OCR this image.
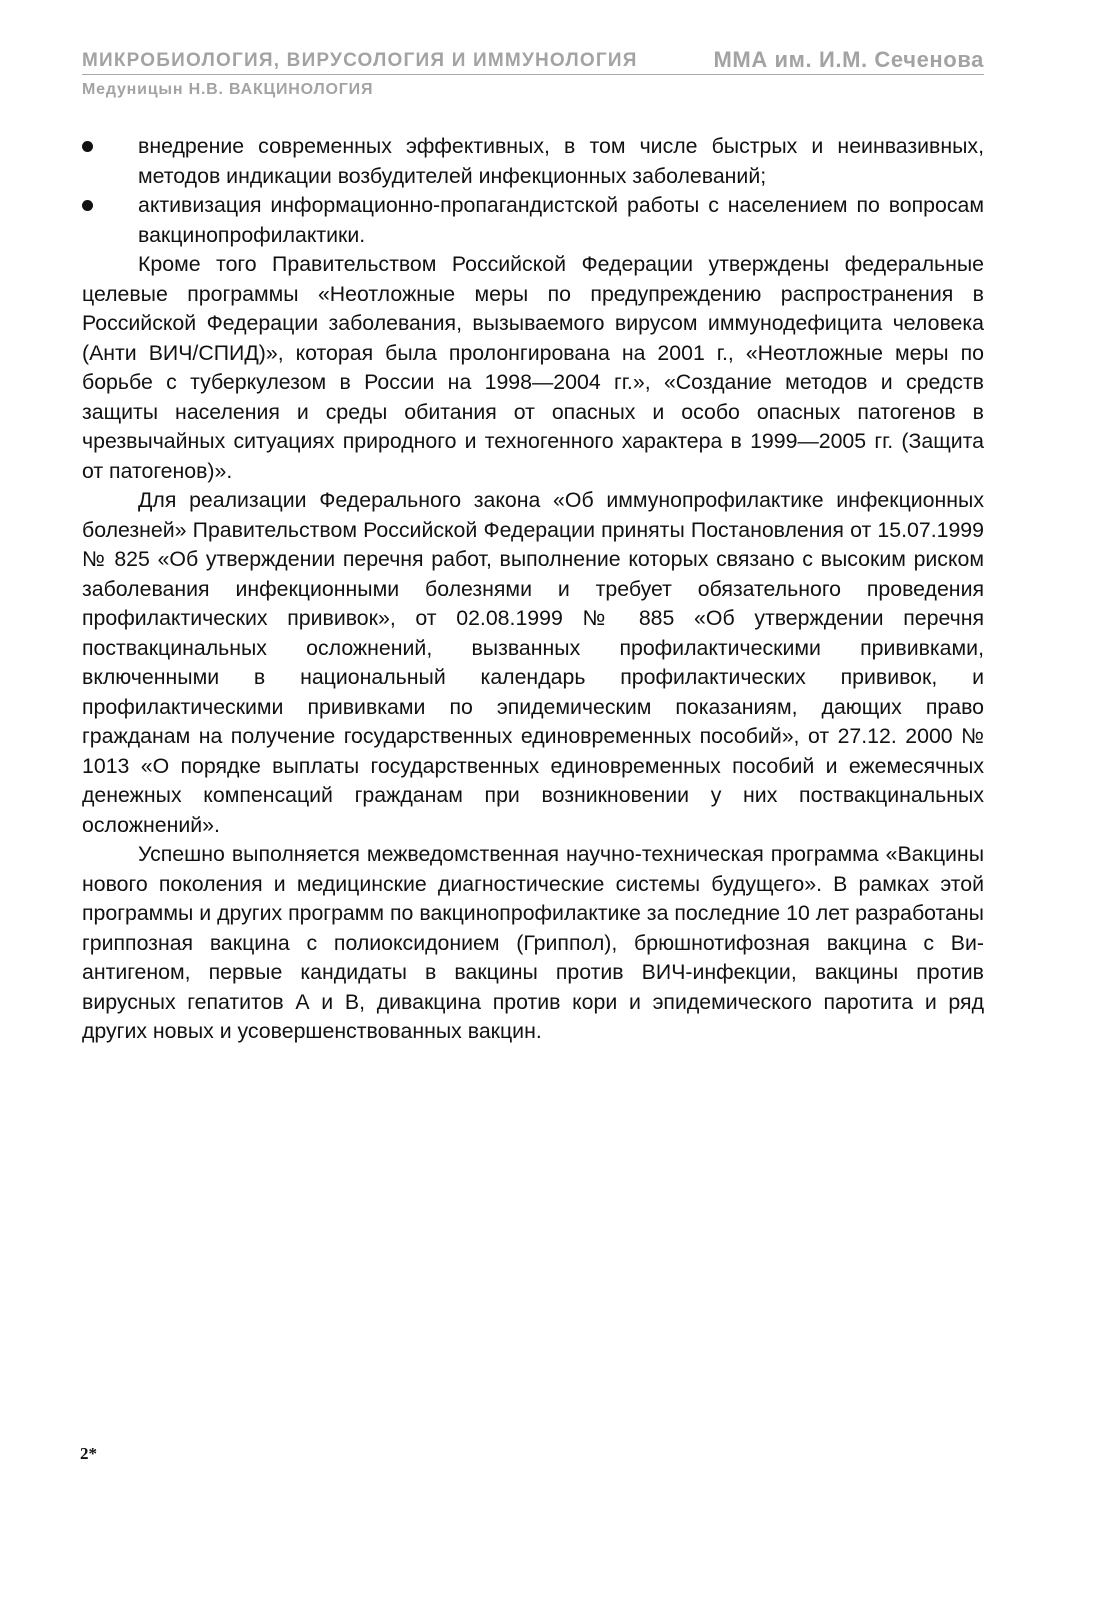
МИКРОБИОЛОГИЯ, ВИРУСОЛОГИЯ И ИММУНОЛОГИЯ	ММА им. И.М. Сеченова
Медуницын Н.В. ВАКЦИНОЛОГИЯ
внедрение современных эффективных, в том числе быстрых и неинвазивных, методов индикации возбудителей инфекционных заболеваний;
активизация информационно-пропагандистской работы с населением по вопросам вакцинопрофилактики.

Кроме того Правительством Российской Федерации утверждены федеральные целевые программы «Неотложные меры по предупреждению распространения в Российской Федерации заболевания, вызываемого вирусом иммунодефицита человека (Анти ВИЧ/СПИД)», которая была пролонгирована на 2001 г., «Неотложные меры по борьбе с туберкулезом в России на 1998—2004 гг.», «Создание методов и средств защиты населения и среды обитания от опасных и особо опасных патогенов в чрезвычайных ситуациях природного и техногенного характера в 1999—2005 гг. (Защита от патогенов)».

Для реализации Федерального закона «Об иммунопрофилактике инфекционных болезней» Правительством Российской Федерации приняты Постановления от 15.07.1999 № 825 «Об утверждении перечня работ, выполнение которых связано с высоким риском заболевания инфекционными болезнями и требует обязательного проведения профилактических прививок», от 02.08.1999 № 885 «Об утверждении перечня поствакцинальных осложнений, вызванных профилактическими прививками, включенными в национальный календарь профилактических прививок, и профилактическими прививками по эпидемическим показаниям, дающих право гражданам на получение государственных единовременных пособий», от 27.12. 2000 № 1013 «О порядке выплаты государственных единовременных пособий и ежемесячных денежных компенсаций гражданам при возникновении у них поствакцинальных осложнений».

Успешно выполняется межведомственная научно-техническая программа «Вакцины нового поколения и медицинские диагностические системы будущего». В рамках этой программы и других программ по вакцинопрофилактике за последние 10 лет разработаны гриппозная вакцина с полиоксидонием (Гриппол), брюшнотифозная вакцина с Ви-антигеном, первые кандидаты в вакцины против ВИЧ-инфекции, вакцины против вирусных гепатитов А и В, дивакцина против кори и эпидемического паротита и ряд других новых и усовершенствованных вакцин.

2*
